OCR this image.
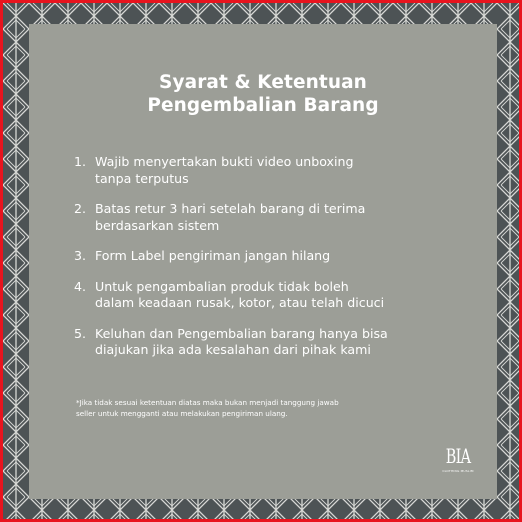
Syarat & Ketentuan
Pengembalian Barang
1. Wajib menyertakan bukti video unboxing
tanpa terputus
2. Batas retur 3 hari setelah barang di terima
berdasarkan sistem
3. Form Label pengiriman jangan hilang
4. Untuk pengambalian produk tidak boleh
dalam keadaan rusak, kotor, atau telah dicuci
5. Keluhan dan Pengembalian barang hanya bisa
diajukan jika ada kesalahan dari pihak kami
*Jika tidak sesuai ketentuan diatas maka bukan menjadi tanggung jawab
seller untuk mengganti atau melakukan pengiriman ulang.
BIA
CLOTHING MUSLIM
